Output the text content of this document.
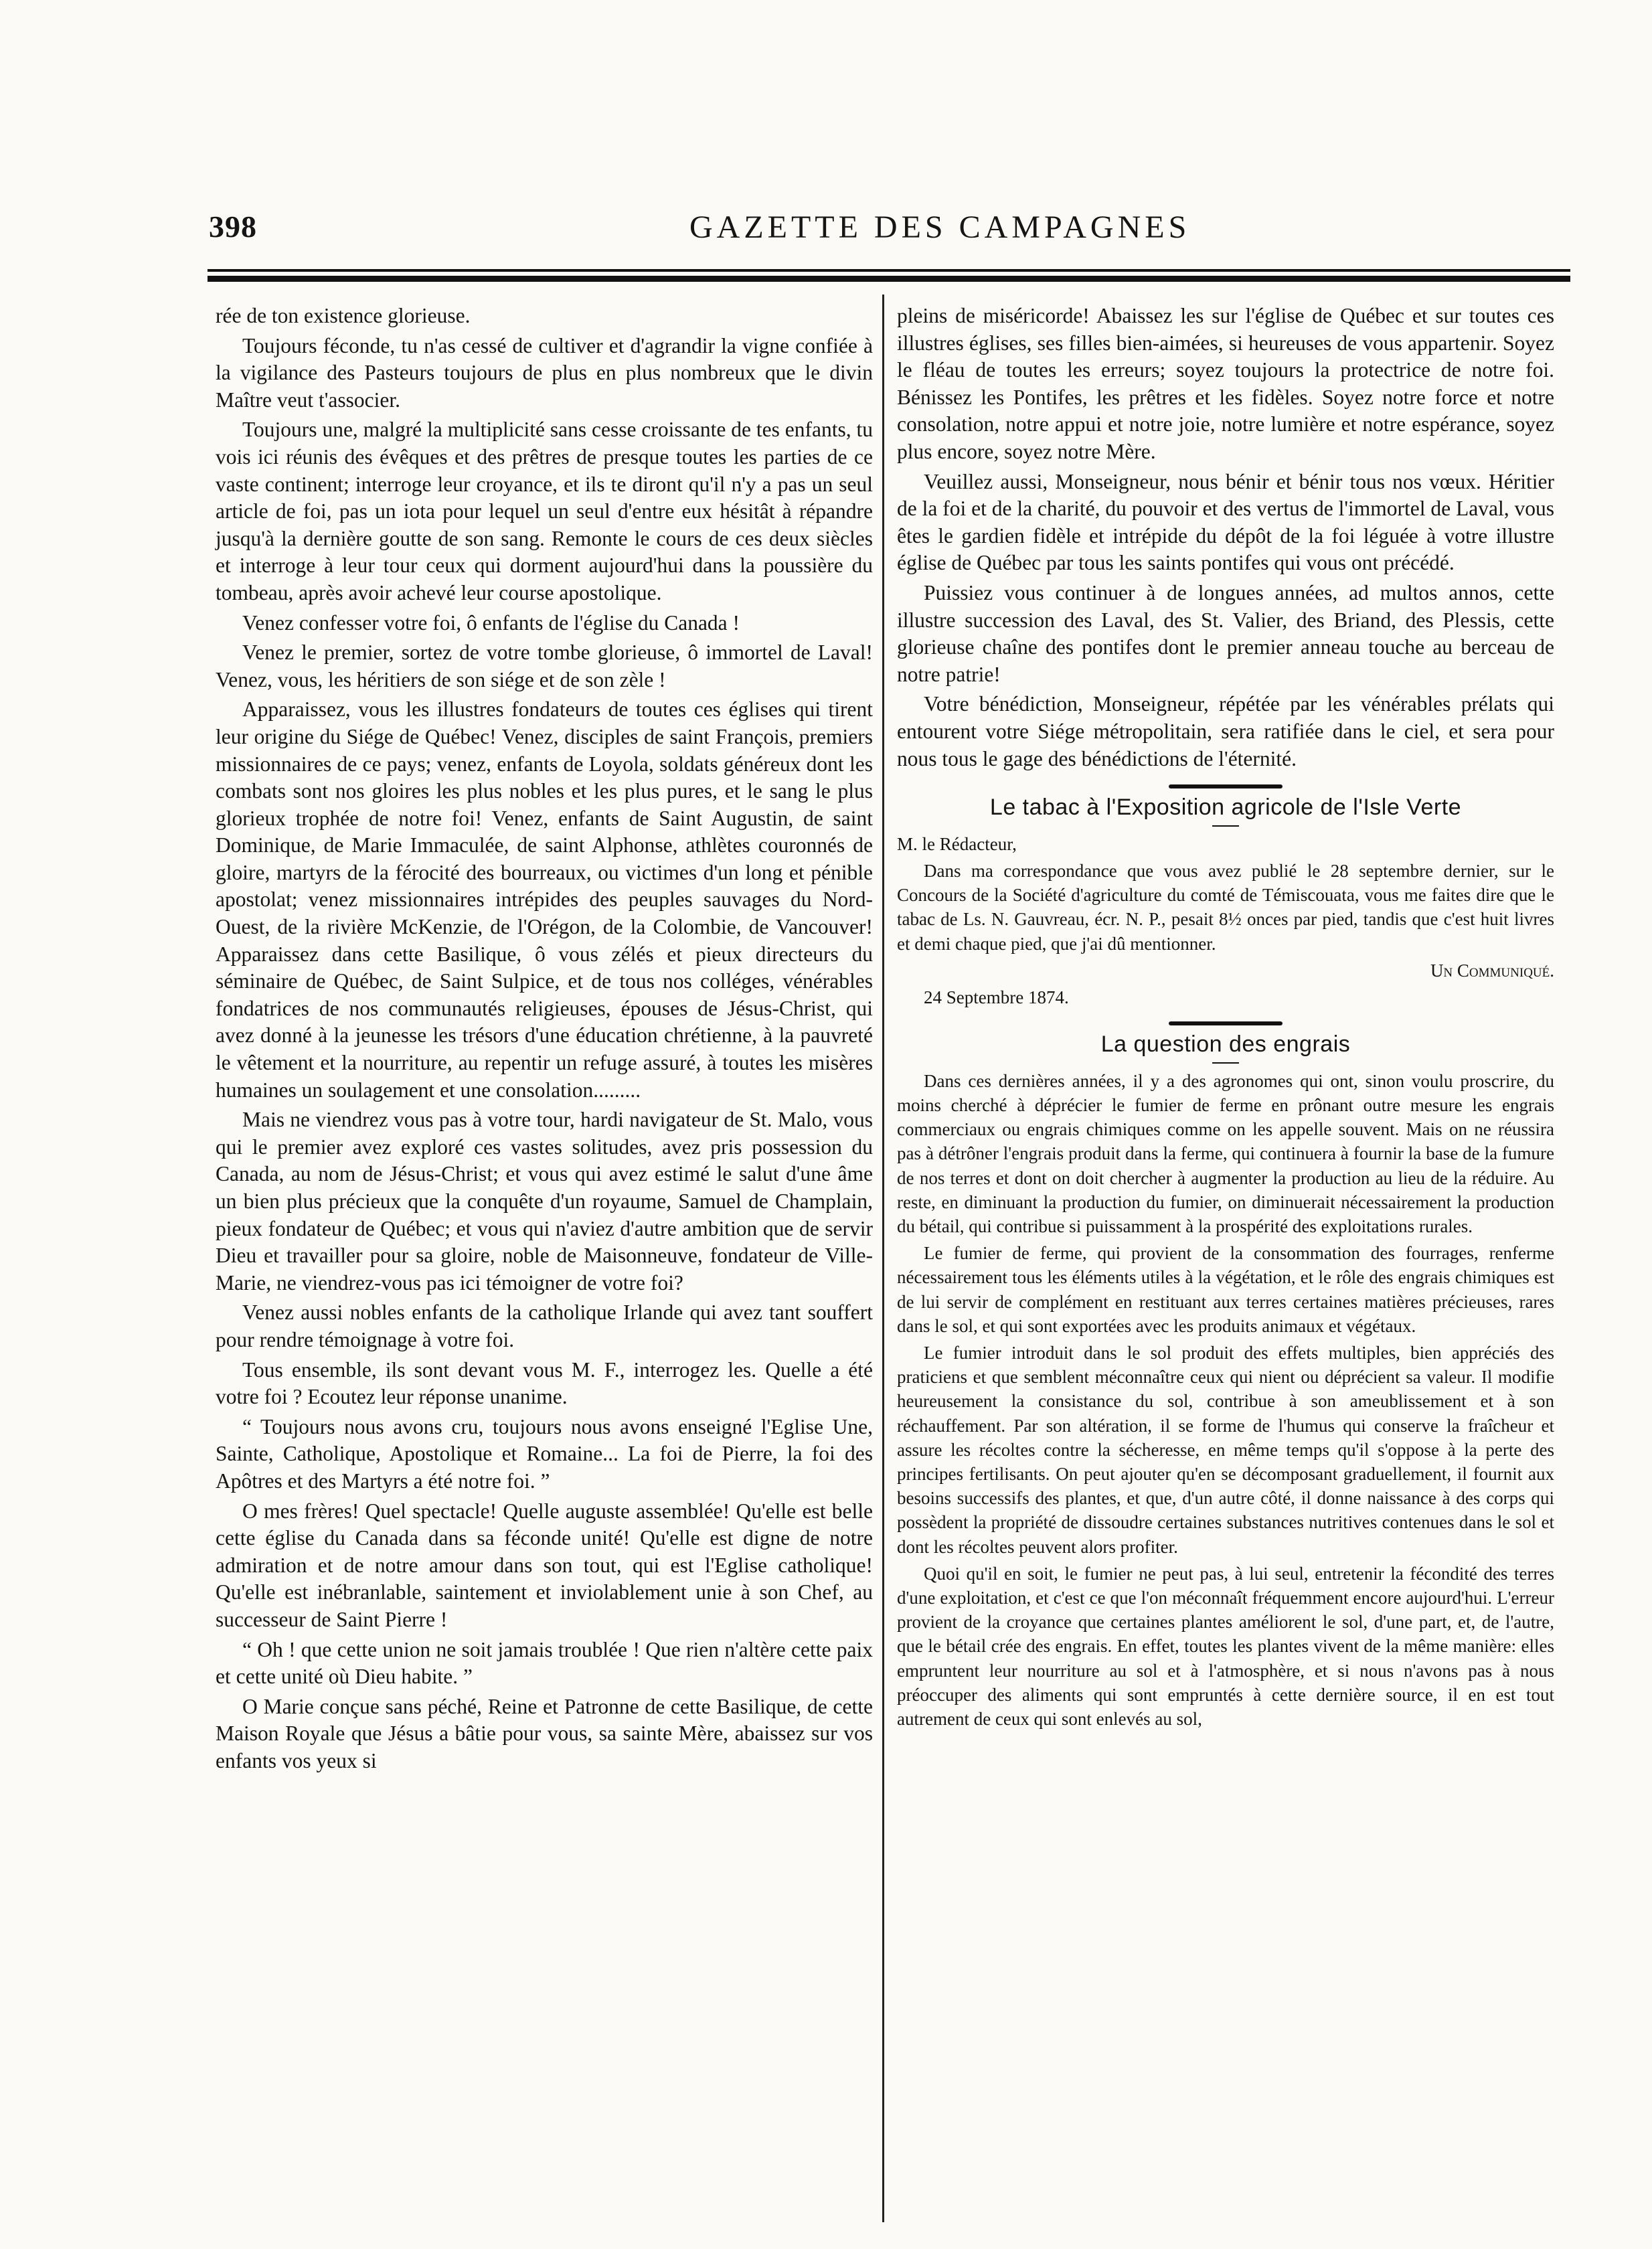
398	GAZETTE DES CAMPAGNES

rée de ton existence glorieuse.

Toujours féconde, tu n'as cessé de cultiver et d'agrandir la vigne confiée à la vigilance des Pasteurs toujours de plus en plus nombreux que le divin Maître veut t'associer.

Toujours une, malgré la multiplicité sans cesse croissante de tes enfants, tu vois ici réunis des évêques et des prêtres de presque toutes les parties de ce vaste continent; interroge leur croyance, et ils te diront qu'il n'y a pas un seul article de foi, pas un iota pour lequel un seul d'entre eux hésitât à répandre jusqu'à la dernière goutte de son sang. Remonte le cours de ces deux siècles et interroge à leur tour ceux qui dorment aujourd'hui dans la poussière du tombeau, après avoir achevé leur course apostolique.

Venez confesser votre foi, ô enfants de l'église du Canada !

Venez le premier, sortez de votre tombe glorieuse, ô immortel de Laval! Venez, vous, les héritiers de son siége et de son zèle !

Apparaissez, vous les illustres fondateurs de toutes ces églises qui tirent leur origine du Siége de Québec! Venez, disciples de saint François, premiers missionnaires de ce pays; venez, enfants de Loyola, soldats généreux dont les combats sont nos gloires les plus nobles et les plus pures, et le sang le plus glorieux trophée de notre foi! Venez, enfants de Saint Augustin, de saint Dominique, de Marie Immaculée, de saint Alphonse, athlètes couronnés de gloire, martyrs de la férocité des bourreaux, ou victimes d'un long et pénible apostolat; venez missionnaires intrépides des peuples sauvages du Nord-Ouest, de la rivière McKenzie, de l'Orégon, de la Colombie, de Vancouver! Apparaissez dans cette Basilique, ô vous zélés et pieux directeurs du séminaire de Québec, de Saint Sulpice, et de tous nos colléges, vénérables fondatrices de nos communautés religieuses, épouses de Jésus-Christ, qui avez donné à la jeunesse les trésors d'une éducation chrétienne, à la pauvreté le vêtement et la nourriture, au repentir un refuge assuré, à toutes les misères humaines un soulagement et une consolation.........

Mais ne viendrez vous pas à votre tour, hardi navigateur de St. Malo, vous qui le premier avez exploré ces vastes solitudes, avez pris possession du Canada, au nom de Jésus-Christ; et vous qui avez estimé le salut d'une âme un bien plus précieux que la conquête d'un royaume, Samuel de Champlain, pieux fondateur de Québec; et vous qui n'aviez d'autre ambition que de servir Dieu et travailler pour sa gloire, noble de Maisonneuve, fondateur de Ville-Marie, ne viendrez-vous pas ici témoigner de votre foi?

Venez aussi nobles enfants de la catholique Irlande qui avez tant souffert pour rendre témoignage à votre foi.

Tous ensemble, ils sont devant vous M. F., interrogez les. Quelle a été votre foi ? Ecoutez leur réponse unanime.

“ Toujours nous avons cru, toujours nous avons enseigné l'Eglise Une, Sainte, Catholique, Apostolique et Romaine... La foi de Pierre, la foi des Apôtres et des Martyrs a été notre foi. ”

O mes frères! Quel spectacle! Quelle auguste assemblée! Qu'elle est belle cette église du Canada dans sa féconde unité! Qu'elle est digne de notre admiration et de notre amour dans son tout, qui est l'Eglise catholique! Qu'elle est inébranlable, saintement et inviolablement unie à son Chef, au successeur de Saint Pierre !

“ Oh ! que cette union ne soit jamais troublée ! Que rien n'altère cette paix et cette unité où Dieu habite. ”

O Marie conçue sans péché, Reine et Patronne de cette Basilique, de cette Maison Royale que Jésus a bâtie pour vous, sa sainte Mère, abaissez sur vos enfants vos yeux si

pleins de miséricorde! Abaissez les sur l'église de Québec et sur toutes ces illustres églises, ses filles bien-aimées, si heureuses de vous appartenir. Soyez le fléau de toutes les erreurs; soyez toujours la protectrice de notre foi. Bénissez les Pontifes, les prêtres et les fidèles. Soyez notre force et notre consolation, notre appui et notre joie, notre lumière et notre espérance, soyez plus encore, soyez notre Mère.

Veuillez aussi, Monseigneur, nous bénir et bénir tous nos vœux. Héritier de la foi et de la charité, du pouvoir et des vertus de l'immortel de Laval, vous êtes le gardien fidèle et intrépide du dépôt de la foi léguée à votre illustre église de Québec par tous les saints pontifes qui vous ont précédé.

Puissiez vous continuer à de longues années, ad multos annos, cette illustre succession des Laval, des St. Valier, des Briand, des Plessis, cette glorieuse chaîne des pontifes dont le premier anneau touche au berceau de notre patrie!

Votre bénédiction, Monseigneur, répétée par les vénérables prélats qui entourent votre Siége métropolitain, sera ratifiée dans le ciel, et sera pour nous tous le gage des bénédictions de l'éternité.

Le tabac à l'Exposition agricole de l'Isle Verte

M. le Rédacteur,

Dans ma correspondance que vous avez publié le 28 septembre dernier, sur le Concours de la Société d'agriculture du comté de Témiscouata, vous me faites dire que le tabac de Ls. N. Gauvreau, écr. N. P., pesait 8½ onces par pied, tandis que c'est huit livres et demi chaque pied, que j'ai dû mentionner.

Un Communiqué.

24 Septembre 1874.

La question des engrais

Dans ces dernières années, il y a des agronomes qui ont, sinon voulu proscrire, du moins cherché à déprécier le fumier de ferme en prônant outre mesure les engrais commerciaux ou engrais chimiques comme on les appelle souvent. Mais on ne réussira pas à détrôner l'engrais produit dans la ferme, qui continuera à fournir la base de la fumure de nos terres et dont on doit chercher à augmenter la production au lieu de la réduire. Au reste, en diminuant la production du fumier, on diminuerait nécessairement la production du bétail, qui contribue si puissamment à la prospérité des exploitations rurales.

Le fumier de ferme, qui provient de la consommation des fourrages, renferme nécessairement tous les éléments utiles à la végétation, et le rôle des engrais chimiques est de lui servir de complément en restituant aux terres certaines matières précieuses, rares dans le sol, et qui sont exportées avec les produits animaux et végétaux.

Le fumier introduit dans le sol produit des effets multiples, bien appréciés des praticiens et que semblent méconnaître ceux qui nient ou déprécient sa valeur. Il modifie heureusement la consistance du sol, contribue à son ameublissement et à son réchauffement. Par son altération, il se forme de l'humus qui conserve la fraîcheur et assure les récoltes contre la sécheresse, en même temps qu'il s'oppose à la perte des principes fertilisants. On peut ajouter qu'en se décomposant graduellement, il fournit aux besoins successifs des plantes, et que, d'un autre côté, il donne naissance à des corps qui possèdent la propriété de dissoudre certaines substances nutritives contenues dans le sol et dont les récoltes peuvent alors profiter.

Quoi qu'il en soit, le fumier ne peut pas, à lui seul, entretenir la fécondité des terres d'une exploitation, et c'est ce que l'on méconnaît fréquemment encore aujourd'hui. L'erreur provient de la croyance que certaines plantes améliorent le sol, d'une part, et, de l'autre, que le bétail crée des engrais. En effet, toutes les plantes vivent de la même manière: elles empruntent leur nourriture au sol et à l'atmosphère, et si nous n'avons pas à nous préoccuper des aliments qui sont empruntés à cette dernière source, il en est tout autrement de ceux qui sont enlevés au sol,
